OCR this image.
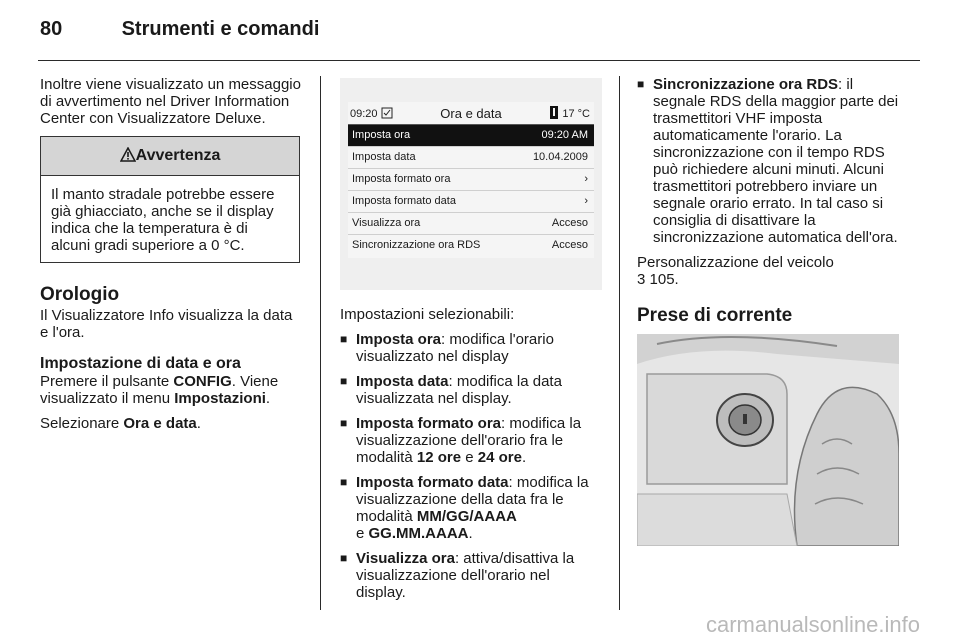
80	Strumenti e comandi

Inoltre viene visualizzato un messaggio di avvertimento nel Driver Information Center con Visualizzatore Deluxe.

Avvertenza
Il manto stradale potrebbe essere già ghiacciato, anche se il display indica che la temperatura è di alcuni gradi superiore a 0 °C.
Orologio

Il Visualizzatore Info visualizza la data e l'ora.

Impostazione di data e ora

Premere il pulsante CONFIG. Viene visualizzato il menu Impostazioni.

Selezionare Ora e data.

09:20	Ora e data	17 °C
Imposta ora	09:20 AM
Imposta data	10.04.2009
Imposta formato ora	›
Imposta formato data	›
Visualizza ora	Acceso
Sincronizzazione ora RDS	Acceso

Impostazioni selezionabili:

■ Imposta ora: modifica l'orario visualizzato nel display
■ Imposta data: modifica la data visualizzata nel display.
■ Imposta formato ora: modifica la visualizzazione dell'orario fra le modalità 12 ore e 24 ore.
■ Imposta formato data: modifica la visualizzazione della data fra le modalità MM/GG/AAAA
e GG.MM.AAAA.
■ Visualizza ora: attiva/disattiva la visualizzazione dell'orario nel display.
■ Sincronizzazione ora RDS: il segnale RDS della maggior parte dei trasmettitori VHF imposta automaticamente l'orario. La sincronizzazione con il tempo RDS può richiedere alcuni minuti. Alcuni trasmettitori potrebbero inviare un segnale orario errato. In tal caso si consiglia di disattivare la sincronizzazione automatica dell'ora.

Personalizzazione del veicolo
3 105.

Prese di corrente
carmanualsonline.info
